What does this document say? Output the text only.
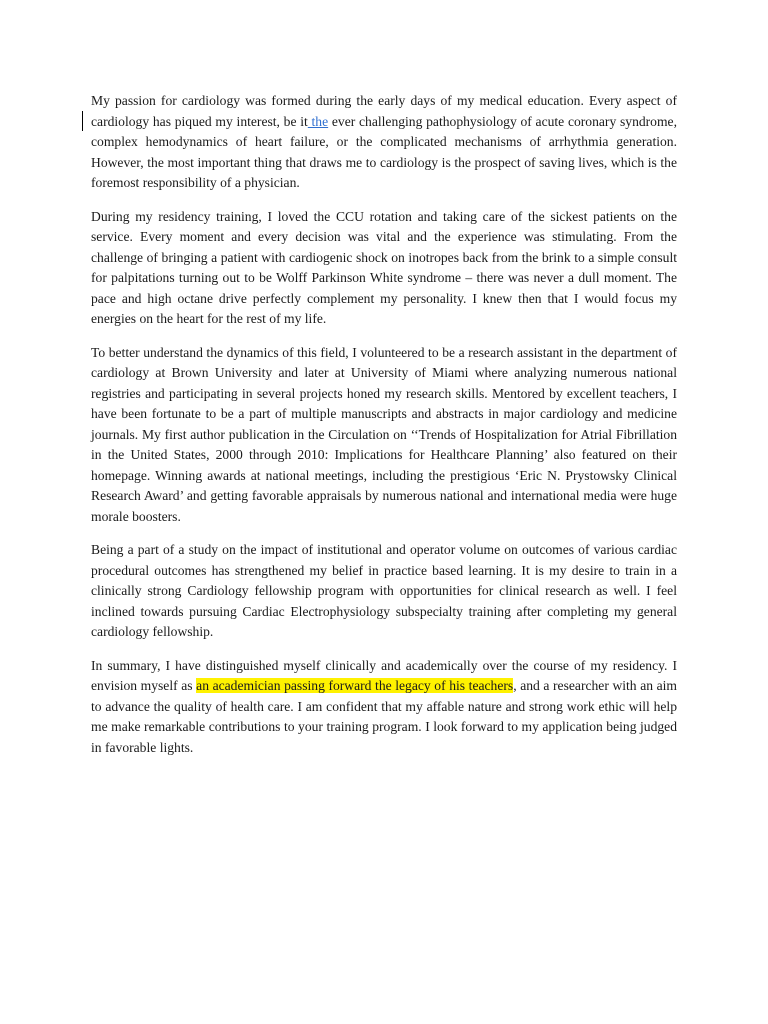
My passion for cardiology was formed during the early days of my medical education. Every aspect of cardiology has piqued my interest, be it the ever challenging pathophysiology of acute coronary syndrome, complex hemodynamics of heart failure, or the complicated mechanisms of arrhythmia generation. However, the most important thing that draws me to cardiology is the prospect of saving lives, which is the foremost responsibility of a physician.

During my residency training, I loved the CCU rotation and taking care of the sickest patients on the service. Every moment and every decision was vital and the experience was stimulating. From the challenge of bringing a patient with cardiogenic shock on inotropes back from the brink to a simple consult for palpitations turning out to be Wolff Parkinson White syndrome – there was never a dull moment. The pace and high octane drive perfectly complement my personality. I knew then that I would focus my energies on the heart for the rest of my life.

To better understand the dynamics of this field, I volunteered to be a research assistant in the department of cardiology at Brown University and later at University of Miami where analyzing numerous national registries and participating in several projects honed my research skills. Mentored by excellent teachers, I have been fortunate to be a part of multiple manuscripts and abstracts in major cardiology and medicine journals. My first author publication in the Circulation on ‘‘Trends of Hospitalization for Atrial Fibrillation in the United States, 2000 through 2010: Implications for Healthcare Planning’ also featured on their homepage. Winning awards at national meetings, including the prestigious ‘Eric N. Prystowsky Clinical Research Award’ and getting favorable appraisals by numerous national and international media were huge morale boosters.

Being a part of a study on the impact of institutional and operator volume on outcomes of various cardiac procedural outcomes has strengthened my belief in practice based learning. It is my desire to train in a clinically strong Cardiology fellowship program with opportunities for clinical research as well. I feel inclined towards pursuing Cardiac Electrophysiology subspecialty training after completing my general cardiology fellowship.

In summary, I have distinguished myself clinically and academically over the course of my residency. I envision myself as an academician passing forward the legacy of his teachers, and a researcher with an aim to advance the quality of health care. I am confident that my affable nature and strong work ethic will help me make remarkable contributions to your training program. I look forward to my application being judged in favorable lights.
